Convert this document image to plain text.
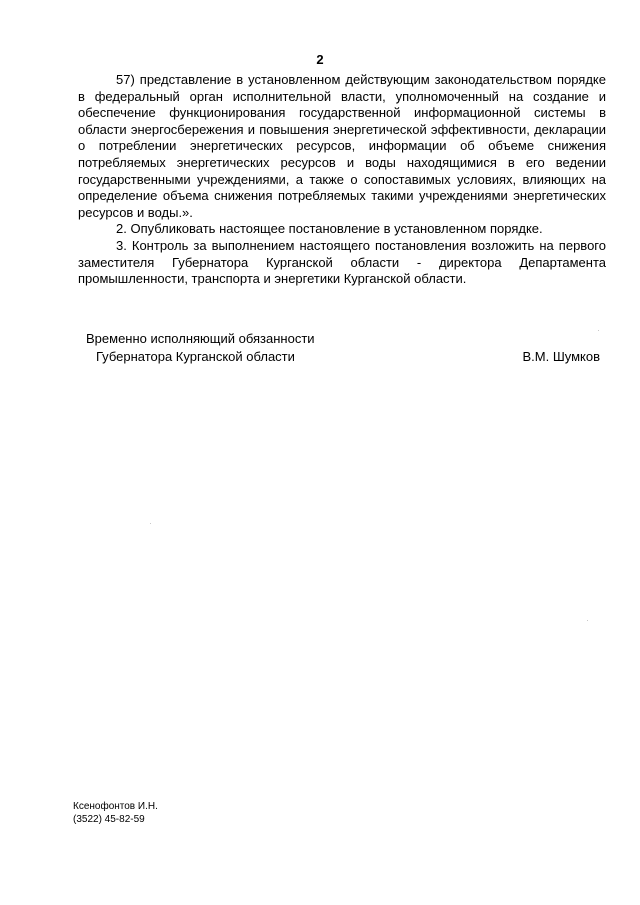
2

57) представление в установленном действующим законодательством порядке в федеральный орган исполнительной власти, уполномоченный на создание и обеспечение функционирования государственной информационной системы в области энергосбережения и повышения энергетической эффективности, декларации о потреблении энергетических ресурсов, информации об объеме снижения потребляемых энергетических ресурсов и воды находящимися в его ведении государственными учреждениями, а также о сопоставимых условиях, влияющих на определение объема снижения потребляемых такими учреждениями энергетических ресурсов и воды.».

2. Опубликовать настоящее постановление в установленном порядке.

3. Контроль за выполнением настоящего постановления возложить на первого заместителя Губернатора Курганской области - директора Департамента промышленности, транспорта и энергетики Курганской области.

Временно исполняющий обязанности
Губернатора Курганской области	В.М. Шумков
Ксенофонтов И.Н.
(3522) 45-82-59
